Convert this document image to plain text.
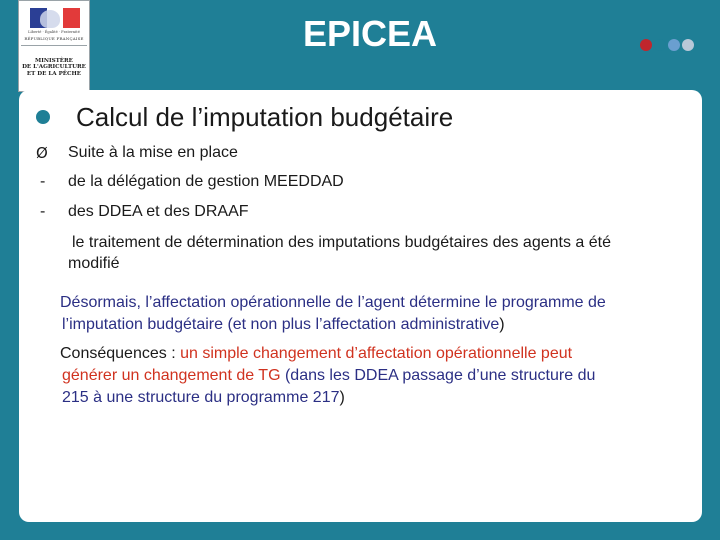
Liberté · Égalité · Fraternité
RÉPUBLIQUE FRANÇAISE
MINISTÈRE
DE L'AGRICULTURE
ET DE LA PÊCHE
EPICEA
Calcul de l’imputation budgétaire
Ø Suite à la mise en place
- de la délégation de gestion MEEDDAD
- des DDEA et des DRAAF
le traitement de détermination des imputations budgétaires des agents a été
modifié
Désormais, l’affectation opérationnelle de l’agent détermine le programme de
l’imputation budgétaire (et non plus l’affectation administrative)
Conséquences : un simple changement d’affectation opérationnelle peut
générer un changement de TG (dans les DDEA passage d’une structure du
215 à une structure du programme 217)
